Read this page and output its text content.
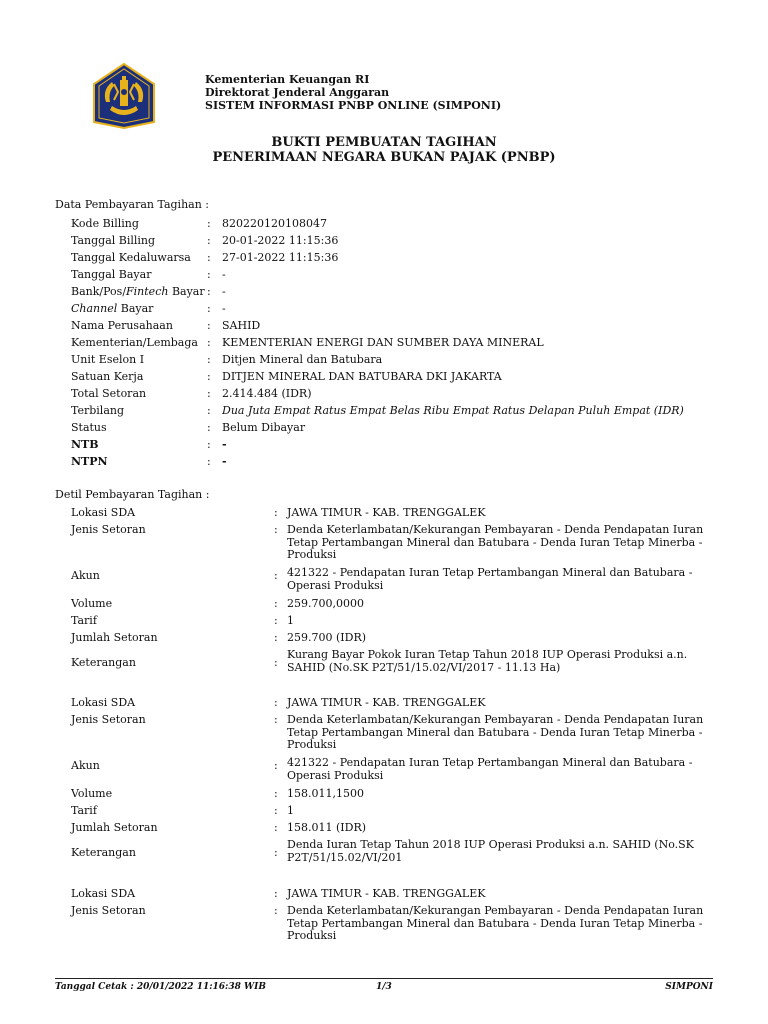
Kementerian Keuangan RI
Direktorat Jenderal Anggaran
SISTEM INFORMASI PNBP ONLINE (SIMPONI)
BUKTI PEMBUATAN TAGIHAN
PENERIMAAN NEGARA BUKAN PAJAK (PNBP)
Data Pembayaran Tagihan :
Kode Billing	: 820220120108047
Tanggal Billing	: 20-01-2022 11:15:36
Tanggal Kedaluwarsa : 27-01-2022 11:15:36
Tanggal Bayar	: -
Bank/Pos/Fintech Bayar : -
Channel Bayar	: -
Nama Perusahaan	: SAHID
Kementerian/Lembaga : KEMENTERIAN ENERGI DAN SUMBER DAYA MINERAL
Unit Eselon I	: Ditjen Mineral dan Batubara
Satuan Kerja	: DITJEN MINERAL DAN BATUBARA DKI JAKARTA
Total Setoran	: 2.414.484 (IDR)
Terbilang	: Dua Juta Empat Ratus Empat Belas Ribu Empat Ratus Delapan Puluh Empat (IDR)
Status	: Belum Dibayar
NTB	: -
NTPN	: -
Detil Pembayaran Tagihan :
Lokasi SDA	: JAWA TIMUR - KAB. TRENGGALEK
Jenis Setoran	: Denda Keterlambatan/Kekurangan Pembayaran - Denda Pendapatan Iuran Tetap Pertambangan Mineral dan Batubara - Denda Iuran Tetap Minerba - Produksi
Akun	: 421322 - Pendapatan Iuran Tetap Pertambangan Mineral dan Batubara - Operasi Produksi
Volume	: 259.700,0000
Tarif	: 1
Jumlah Setoran	: 259.700 (IDR)
Keterangan	:
Kurang Bayar Pokok Iuran Tetap Tahun 2018 IUP Operasi Produksi a.n. SAHID (No.SK P2T/51/15.02/VI/2017 - 11.13 Ha)
Lokasi SDA	: JAWA TIMUR - KAB. TRENGGALEK
Jenis Setoran	: Denda Keterlambatan/Kekurangan Pembayaran - Denda Pendapatan Iuran Tetap Pertambangan Mineral dan Batubara - Denda Iuran Tetap Minerba - Produksi
Akun	: 421322 - Pendapatan Iuran Tetap Pertambangan Mineral dan Batubara - Operasi Produksi
Volume	: 158.011,1500
Tarif	: 1
Jumlah Setoran	: 158.011 (IDR)
Keterangan	:
Denda Iuran Tetap Tahun 2018 IUP Operasi Produksi a.n. SAHID (No.SK P2T/51/15.02/VI/201
Lokasi SDA	: JAWA TIMUR - KAB. TRENGGALEK
Jenis Setoran	: Denda Keterlambatan/Kekurangan Pembayaran - Denda Pendapatan Iuran Tetap Pertambangan Mineral dan Batubara - Denda Iuran Tetap Minerba - Produksi
Tanggal Cetak : 20/01/2022 11:16:38 WIB	1/3	SIMPONI
